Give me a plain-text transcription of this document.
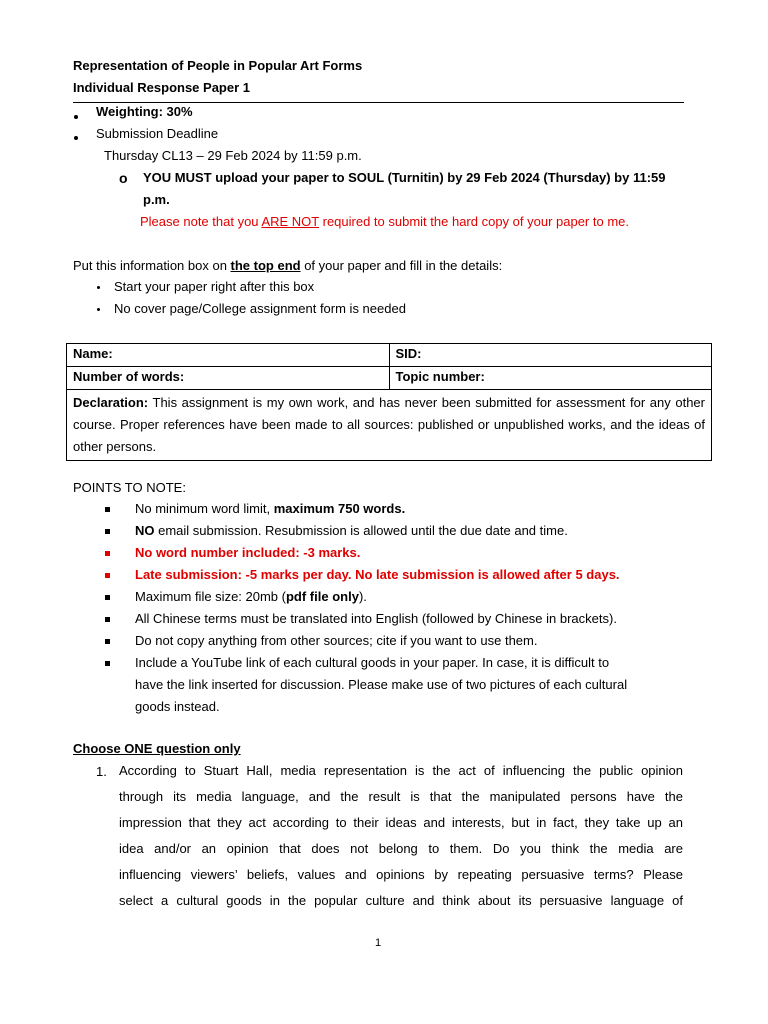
Representation of People in Popular Art Forms
Individual Response Paper 1
Weighting: 30%
Submission Deadline
Thursday CL13 – 29 Feb 2024 by 11:59 p.m.
o YOU MUST upload your paper to SOUL (Turnitin) by 29 Feb 2024 (Thursday) by 11:59
p.m.
Please note that you ARE NOT required to submit the hard copy of your paper to me.
Put this information box on the top end of your paper and fill in the details:
Start your paper right after this box
No cover page/College assignment form is needed
Name:	SID:
Number of words:	Topic number:
Declaration: This assignment is my own work, and has never been submitted for assessment for any other course. Proper references have been made to all sources: published or unpublished works, and the ideas of other persons.	
POINTS TO NOTE:
No minimum word limit, maximum 750 words.
NO email submission. Resubmission is allowed until the due date and time.
No word number included: -3 marks.
Late submission: -5 marks per day. No late submission is allowed after 5 days.
Maximum file size: 20mb (pdf file only).
All Chinese terms must be translated into English (followed by Chinese in brackets).
Do not copy anything from other sources; cite if you want to use them.
Include a YouTube link of each cultural goods in your paper. In case, it is difficult to
have the link inserted for discussion. Please make use of two pictures of each cultural
goods instead.
Choose ONE question only
1. According to Stuart Hall, media representation is the act of influencing the public opinion
through its media language, and the result is that the manipulated persons have the
impression that they act according to their ideas and interests, but in fact, they take up an
idea and/or an opinion that does not belong to them. Do you think the media are
influencing viewers’ beliefs, values and opinions by repeating persuasive terms? Please
select a cultural goods in the popular culture and think about its persuasive language of
1
